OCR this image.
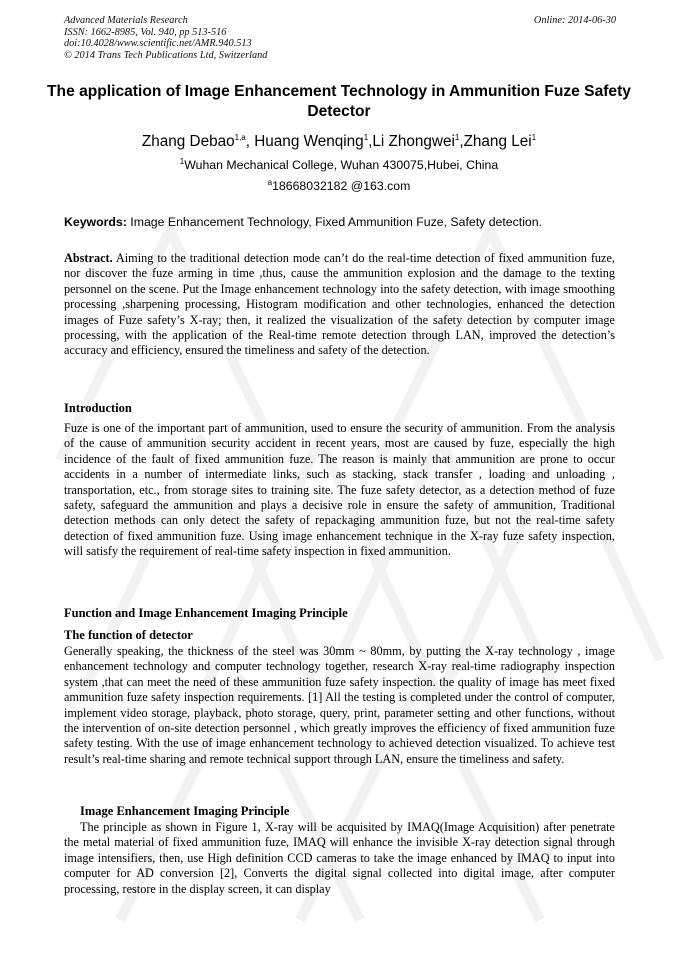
Advanced Materials Research
ISSN: 1662-8985, Vol. 940, pp 513-516
doi:10.4028/www.scientific.net/AMR.940.513
© 2014 Trans Tech Publications Ltd, Switzerland
Online: 2014-06-30
The application of Image Enhancement Technology in Ammunition Fuze Safety Detector
Zhang Debao$^{1,a}$, Huang Wenqing$^1$,Li Zhongwei$^1$,Zhang Lei$^1$
$^1$Wuhan Mechanical College, Wuhan 430075,Hubei, China
$^a$18668032182 @163.com
Keywords: Image Enhancement Technology, Fixed Ammunition Fuze, Safety detection.

Abstract. Aiming to the traditional detection mode can’t do the real-time detection of fixed ammunition fuze, nor discover the fuze arming in time ,thus, cause the ammunition explosion and the damage to the texting personnel on the scene. Put the Image enhancement technology into the safety detection, with image smoothing processing ,sharpening processing, Histogram modification and other technologies, enhanced the detection images of Fuze safety’s X-ray; then, it realized the visualization of the safety detection by computer image processing, with the application of the Real-time remote detection through LAN, improved the detection’s accuracy and efficiency, ensured the timeliness and safety of the detection.

Introduction

Fuze is one of the important part of ammunition, used to ensure the security of ammunition. From the analysis of the cause of ammunition security accident in recent years, most are caused by fuze, especially the high incidence of the fault of fixed ammunition fuze. The reason is mainly that ammunition are prone to occur accidents in a number of intermediate links, such as stacking, stack transfer , loading and unloading , transportation, etc., from storage sites to training site. The fuze safety detector, as a detection method of fuze safety, safeguard the ammunition and plays a decisive role in ensure the safety of ammunition, Traditional detection methods can only detect the safety of repackaging ammunition fuze, but not the real-time safety detection of fixed ammunition fuze. Using image enhancement technique in the X-ray fuze safety inspection, will satisfy the requirement of real-time safety inspection in fixed ammunition.

Function and Image Enhancement Imaging Principle
The function of detector

Generally speaking, the thickness of the steel was 30mm ~ 80mm, by putting the X-ray technology , image enhancement technology and computer technology together, research X-ray real-time radiography inspection system ,that can meet the need of these ammunition fuze safety inspection. the quality of image has meet fixed ammunition fuze safety inspection requirements. [1] All the testing is completed under the control of computer, implement video storage, playback, photo storage, query, print, parameter setting and other functions, without the intervention of on-site detection personnel , which greatly improves the efficiency of fixed ammunition fuze safety testing. With the use of image enhancement technology to achieved detection visualized. To achieve test result’s real-time sharing and remote technical support through LAN, ensure the timeliness and safety.

Image Enhancement Imaging Principle

The principle as shown in Figure 1, X-ray will be acquisited by IMAQ(Image Acquisition) after penetrate the metal material of fixed ammunition fuze, IMAQ will enhance the invisible X-ray detection signal through image intensifiers, then, use High definition CCD cameras to take the image enhanced by IMAQ to input into computer for AD conversion [2], Converts the digital signal collected into digital image, after computer processing, restore in the display screen, it can display
